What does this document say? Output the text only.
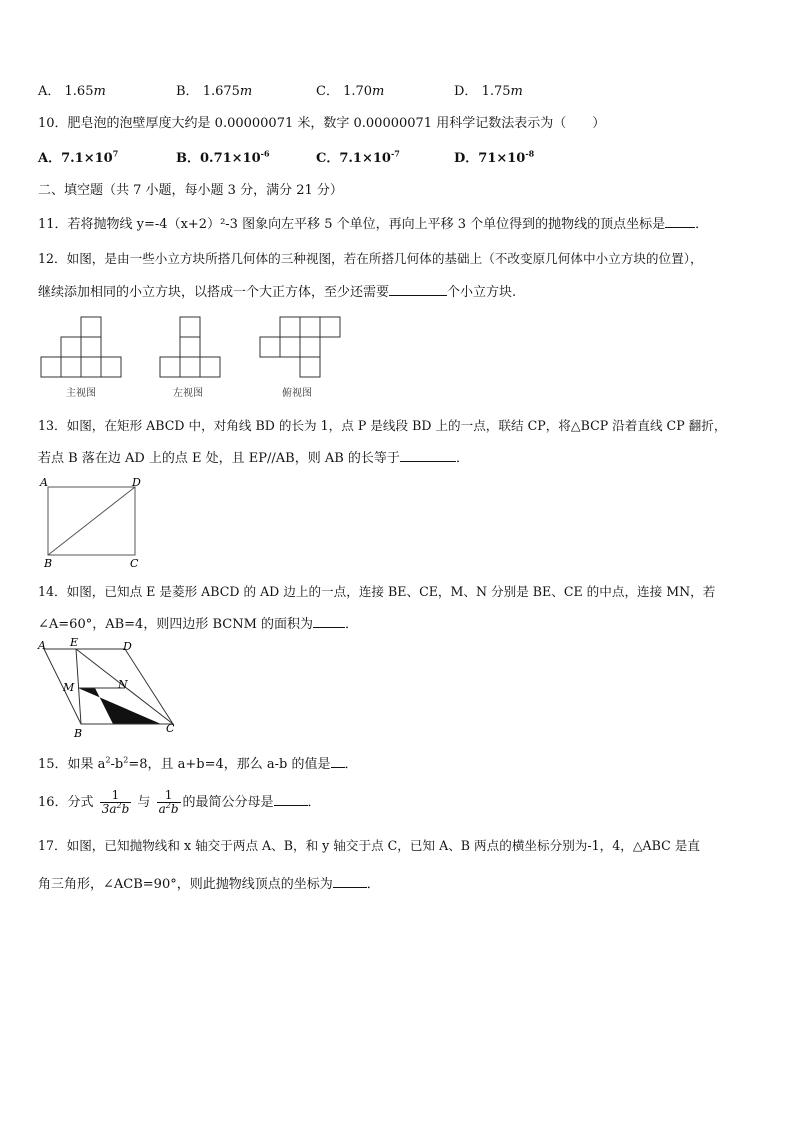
A． 1.65m	B． 1.675m	C． 1.70m	D． 1.75m
10．肥皂泡的泡壁厚度大约是 0.00000071 米，数字 0.00000071 用科学记数法表示为（　　）
A．$7.1\times 10^7$	B．$0.71\times 10^{-6}$	C．$7.1\times 10^{-7}$	D．$71\times 10^{-8}$
二、填空题（共 7 小题，每小题 3 分，满分 21 分）
11．若将抛物线 y=-4（x+2）²-3 图象向左平移 5 个单位，再向上平移 3 个单位得到的抛物线的顶点坐标是 ．
12．如图，是由一些小立方块所搭几何体的三种视图，若在所搭几何体的基础上（不改变原几何体中小立方块的位置），
继续添加相同的小立方块，以搭成一个大正方体，至少还需要	个小立方块.
主视图	左视图	俯视图
13．如图，在矩形 ABCD 中，对角线 BD 的长为 1，点 P 是线段 BD 上的一点，联结 CP，将△BCP 沿着直线 CP 翻折，
若点 B 落在边 AD 上的点 E 处，且 EP//AB，则 AB 的长等于	．
A	D
B	C
14．如图，已知点 E 是菱形 ABCD 的 AD 边上的一点，连接 BE、CE，M、N 分别是 BE、CE 的中点，连接 MN，若
∠A=60°，AB=4，则四边形 BCNM 的面积为 ．
A E	D
M	N
B	C
15．如果 $a^2-b^2=8$，且 a+b=4，那么 a-b 的值是 ．
16．分式 $\frac{1}{3a^2b}$ 与 $\frac{1}{a^2b}$ 的最简公分母是	．
17．如图，已知抛物线和 x 轴交于两点 A、B，和 y 轴交于点 C，已知 A、B 两点的横坐标分别为-1，4，△ABC 是直
角三角形，∠ACB=90°，则此抛物线顶点的坐标为	．
